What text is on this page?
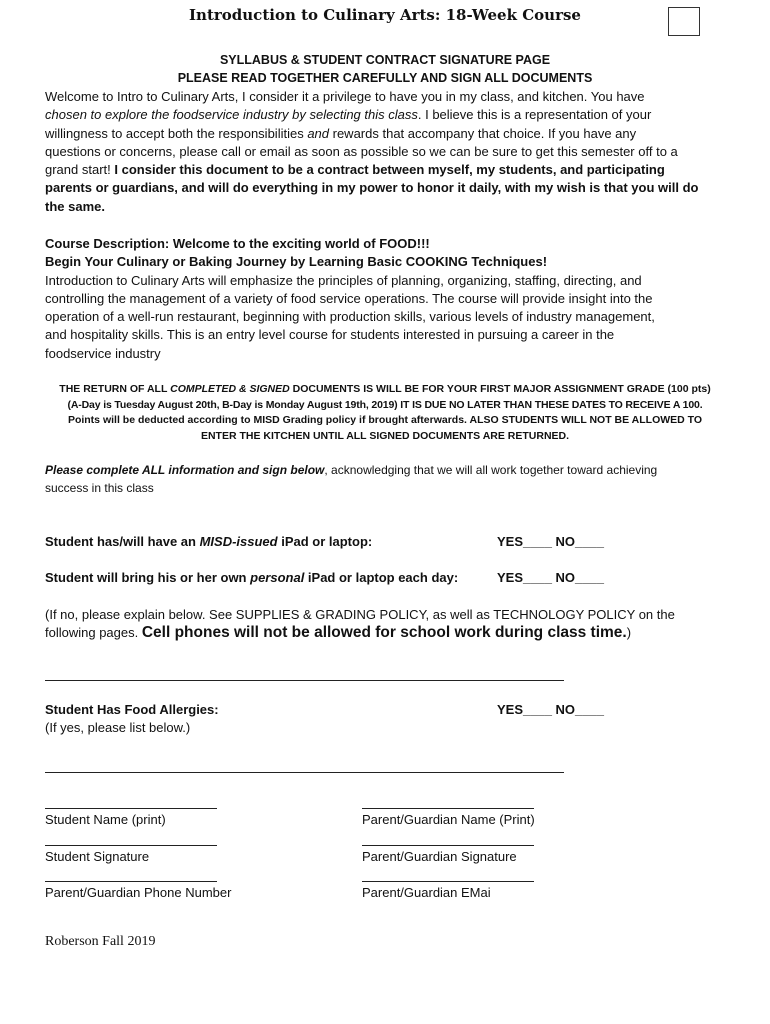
Introduction to Culinary Arts: 18-Week Course
SYLLABUS & STUDENT CONTRACT SIGNATURE PAGE
PLEASE READ TOGETHER CAREFULLY AND SIGN ALL DOCUMENTS
Welcome to Intro to Culinary Arts, I consider it a privilege to have you in my class, and kitchen. You have
chosen to explore the foodservice industry by selecting this class. I believe this is a representation of your
willingness to accept both the responsibilities and rewards that accompany that choice. If you have any
questions or concerns, please call or email as soon as possible so we can be sure to get this semester off to a
grand start! I consider this document to be a contract between myself, my students, and participating
parents or guardians, and will do everything in my power to honor it daily, with my wish is that you will do
the same.
Course Description: Welcome to the exciting world of FOOD!!!
Begin Your Culinary or Baking Journey by Learning Basic COOKING Techniques!
Introduction to Culinary Arts will emphasize the principles of planning, organizing, staffing, directing, and
controlling the management of a variety of food service operations. The course will provide insight into the
operation of a well-run restaurant, beginning with production skills, various levels of industry management,
and hospitality skills. This is an entry level course for students interested in pursuing a career in the
foodservice industry
THE RETURN OF ALL COMPLETED & SIGNED DOCUMENTS IS WILL BE FOR YOUR FIRST MAJOR ASSIGNMENT GRADE (100 pts)
(A-Day is Tuesday August 20th, B-Day is Monday August 19th, 2019) IT IS DUE NO LATER THAN THESE DATES TO RECEIVE A 100.
Points will be deducted according to MISD Grading policy if brought afterwards. ALSO STUDENTS WILL NOT BE ALLOWED TO
ENTER THE KITCHEN UNTIL ALL SIGNED DOCUMENTS ARE RETURNED.
Please complete ALL information and sign below, acknowledging that we will all work together toward achieving
success in this class
Student has/will have an MISD-issued iPad or laptop:	YES____ NO____
Student will bring his or her own personal iPad or laptop each day:	YES____ NO____
(If no, please explain below. See SUPPLIES & GRADING POLICY, as well as TECHNOLOGY POLICY on the
following pages. Cell phones will not be allowed for school work during class time.)
Student Has Food Allergies:	YES____ NO____
(If yes, please list below.)
Student Name (print)	Parent/Guardian Name (Print)
Student Signature	Parent/Guardian Signature
Parent/Guardian Phone Number	Parent/Guardian EMai
Roberson Fall 2019
